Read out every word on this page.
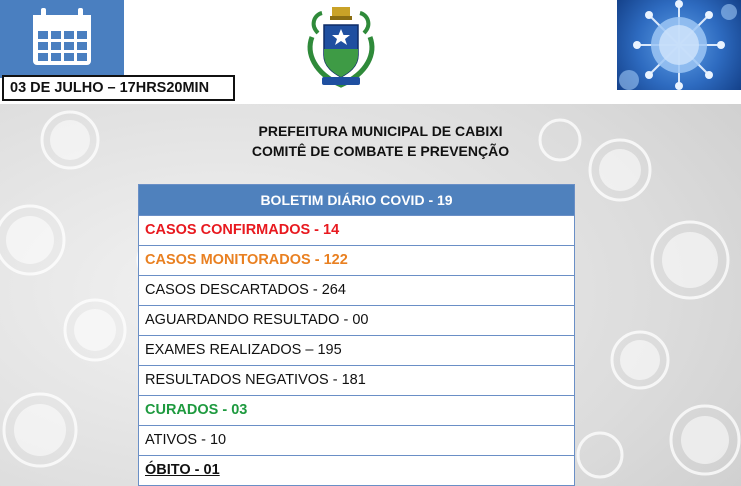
03 DE JULHO – 17HRS20MIN
PREFEITURA MUNICIPAL DE CABIXI
COMITÊ DE COMBATE E PREVENÇÃO
BOLETIM DIÁRIO COVID - 19
CASOS CONFIRMADOS - 14
CASOS MONITORADOS - 122
CASOS DESCARTADOS - 264
AGUARDANDO RESULTADO - 00
EXAMES REALIZADOS – 195
RESULTADOS NEGATIVOS - 181
CURADOS - 03
ATIVOS - 10
ÓBITO - 01
